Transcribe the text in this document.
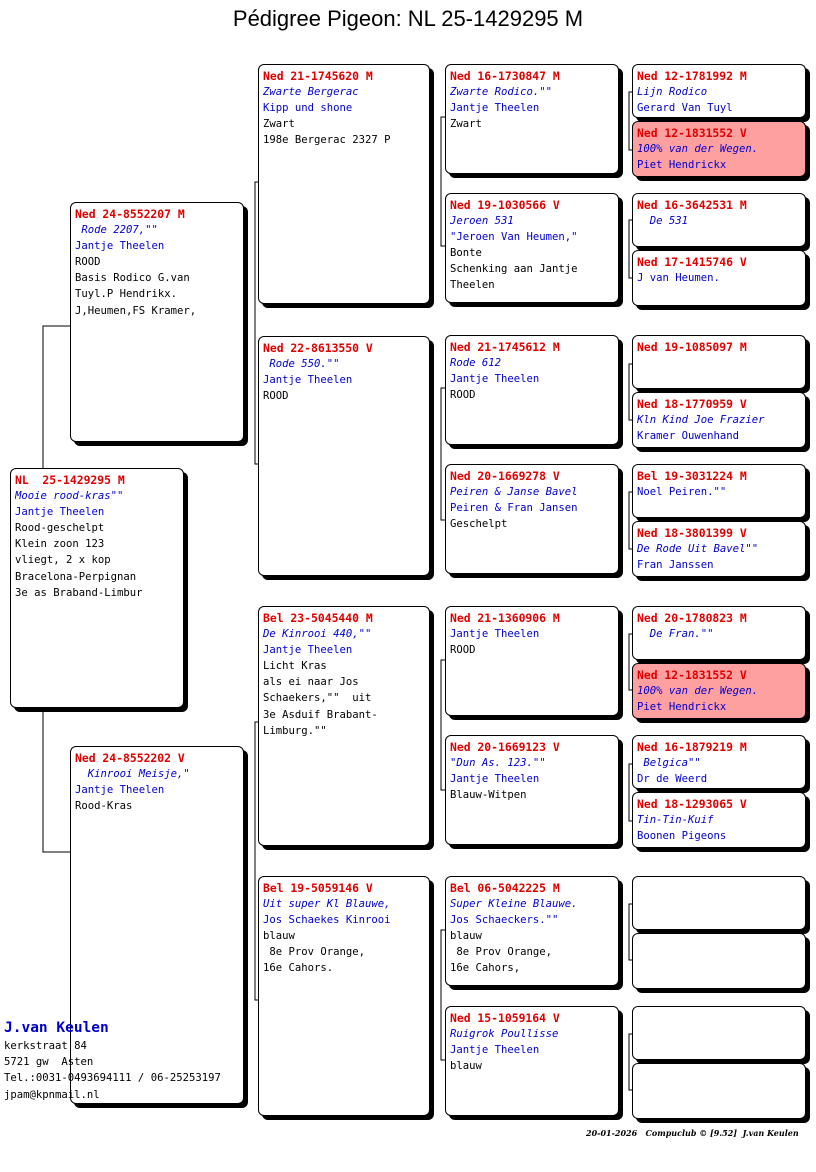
Pédigree Pigeon: NL 25-1429295 M
NL  25-1429295 M
Mooie rood-kras""
Jantje Theelen
Rood-geschelpt
Klein zoon 123
vliegt, 2 x kop
Bracelona-Perpignan
3e as Braband-Limbur
Ned 24-8552207 M
Rode 2207,""
Jantje Theelen
ROOD
Basis Rodico G.van
Tuyl.P Hendrikx.
J,Heumen,FS Kramer,
Ned 24-8552202 V
Kinrooi Meisje,"
Jantje Theelen
Rood-Kras
Ned 21-1745620 M
Zwarte Bergerac
Kipp und shone
Zwart
198e Bergerac 2327 P
Ned 22-8613550 V
Rode 550.""
Jantje Theelen
ROOD
Bel 23-5045440 M
De Kinrooi 440,""
Jantje Theelen
Licht Kras
als ei naar Jos
Schaekers,""  uit
3e Asduif Brabant-
Limburg.""
Bel 19-5059146 V
Uit super Kl Blauwe,
Jos Schaekes Kinrooi
blauw
8e Prov Orange,
16e Cahors.
Ned 16-1730847 M
Zwarte Rodico.""
Jantje Theelen
Zwart
Ned 19-1030566 V
Jeroen 531
"Jeroen Van Heumen,"
Bonte
Schenking aan Jantje
Theelen
Ned 21-1745612 M
Rode 612
Jantje Theelen
ROOD
Ned 20-1669278 V
Peiren & Janse Bavel
Peiren & Fran Jansen
Geschelpt
Ned 21-1360906 M
Jantje Theelen
ROOD
Ned 20-1669123 V
"Dun As. 123.""
Jantje Theelen
Blauw-Witpen
Bel 06-5042225 M
Super Kleine Blauwe.
Jos Schaeckers.""
blauw
8e Prov Orange,
16e Cahors,
Ned 15-1059164 V
Ruigrok Poullisse
Jantje Theelen
blauw
Ned 12-1781992 M
Lijn Rodico
Gerard Van Tuyl
Ned 12-1831552 V
100% van der Wegen.
Piet Hendrickx
Ned 16-3642531 M
De 531
Ned 17-1415746 V
J van Heumen.
Ned 19-1085097 M
Ned 18-1770959 V
Kln Kind Joe Frazier
Kramer Ouwenhand
Bel 19-3031224 M
Noel Peiren.""
Ned 18-3801399 V
De Rode Uit Bavel""
Fran Janssen
Ned 20-1780823 M
De Fran.""
Ned 12-1831552 V
100% van der Wegen.
Piet Hendrickx
Ned 16-1879219 M
Belgica""
Dr de Weerd
Ned 18-1293065 V
Tin-Tin-Kuif
Boonen Pigeons
J.van Keulen
kerkstraat 84
5721 gw  Asten
Tel.:0031-0493694111 / 06-25253197
jpam@kpnmail.nl
20-01-2026   Compuclub © [9.52]  J.van Keulen
